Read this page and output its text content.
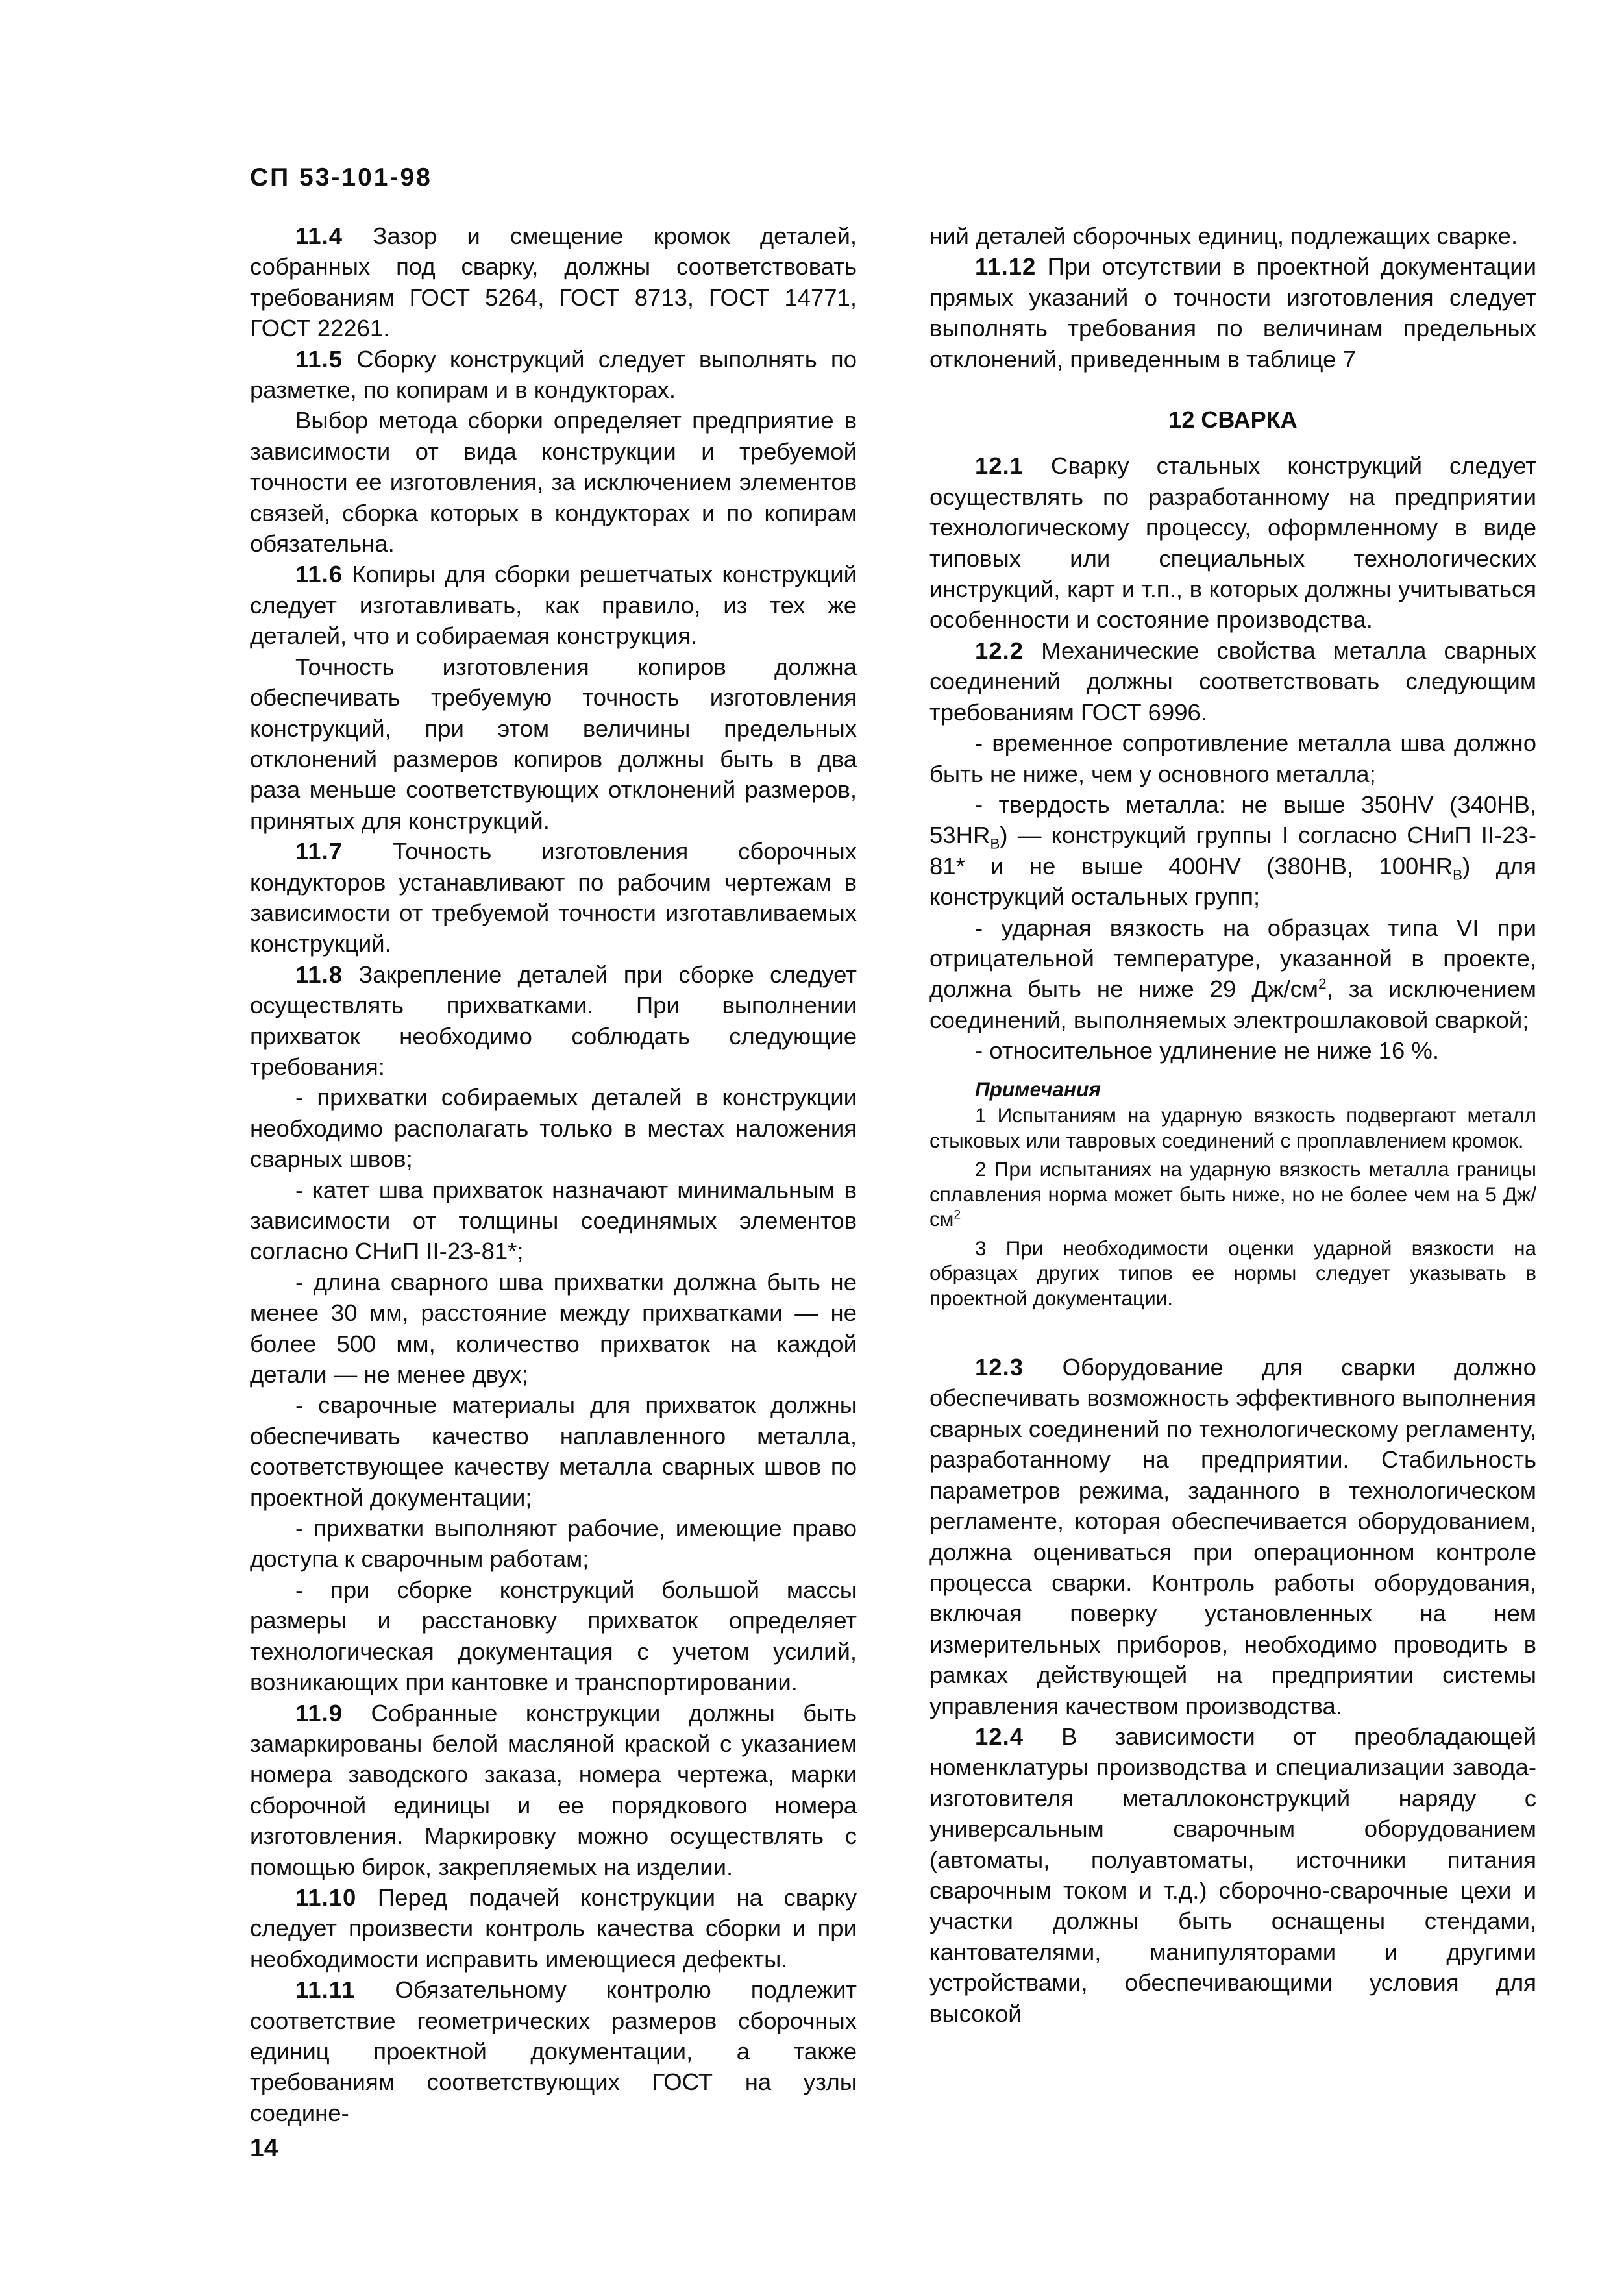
СП 53-101-98

11.4 Зазор и смещение кромок деталей, собранных под сварку, должны соответствовать требованиям ГОСТ 5264, ГОСТ 8713, ГОСТ 14771, ГОСТ 22261.

11.5 Сборку конструкций следует выполнять по разметке, по копирам и в кондукторах.

Выбор метода сборки определяет предприятие в зависимости от вида конструкции и требуемой точности ее изготовления, за исключением элементов связей, сборка которых в кондукторах и по копирам обязательна.

11.6 Копиры для сборки решетчатых конструкций следует изготавливать, как правило, из тех же деталей, что и собираемая конструкция.

Точность изготовления копиров должна обеспечивать требуемую точность изготовления конструкций, при этом величины предельных отклонений размеров копиров должны быть в два раза меньше соответствующих отклонений размеров, принятых для конструкций.

11.7 Точность изготовления сборочных кондукторов устанавливают по рабочим чертежам в зависимости от требуемой точности изготавливаемых конструкций.

11.8 Закрепление деталей при сборке следует осуществлять прихватками. При выполнении прихваток необходимо соблюдать следующие требования:

- прихватки собираемых деталей в конструкции необходимо располагать только в местах наложения сварных швов;

- катет шва прихваток назначают минимальным в зависимости от толщины соединямых элементов согласно СНиП II-23-81*;

- длина сварного шва прихватки должна быть не менее 30 мм, расстояние между прихватками — не более 500 мм, количество прихваток на каждой детали — не менее двух;

- сварочные материалы для прихваток должны обеспечивать качество наплавленного металла, соответствующее качеству металла сварных швов по проектной документации;

- прихватки выполняют рабочие, имеющие право доступа к сварочным работам;

- при сборке конструкций большой массы размеры и расстановку прихваток определяет технологическая документация с учетом усилий, возникающих при кантовке и транспортировании.

11.9 Собранные конструкции должны быть замаркированы белой масляной краской с указанием номера заводского заказа, номера чертежа, марки сборочной единицы и ее порядкового номера изготовления. Маркировку можно осуществлять с помощью бирок, закрепляемых на изделии.

11.10 Перед подачей конструкции на сварку следует произвести контроль качества сборки и при необходимости исправить имеющиеся дефекты.

11.11 Обязательному контролю подлежит соответствие геометрических размеров сборочных единиц проектной документации, а также требованиям соответствующих ГОСТ на узлы соедине-

ний деталей сборочных единиц, подлежащих сварке.

11.12 При отсутствии в проектной документации прямых указаний о точности изготовления следует выполнять требования по величинам предельных отклонений, приведенным в таблице 7

12 СВАРКА

12.1 Сварку стальных конструкций следует осуществлять по разработанному на предприятии технологическому процессу, оформленному в виде типовых или специальных технологических инструкций, карт и т.п., в которых должны учитываться особенности и состояние производства.

12.2 Механические свойства металла сварных соединений должны соответствовать следующим требованиям ГОСТ 6996.

- временное сопротивление металла шва должно быть не ниже, чем у основного металла;

- твердость металла: не выше 350HV (340HB, $53HR_B$) — конструкций группы I согласно СНиП II-23-81* и не выше 400HV (380HB, $100HR_B$) для конструкций остальных групп;

- ударная вязкость на образцах типа VI при отрицательной температуре, указанной в проекте, должна быть не ниже 29 $Дж/см^2$, за исключением соединений, выполняемых электрошлаковой сваркой;

- относительное удлинение не ниже 16 %.

Примечания

1 Испытаниям на ударную вязкость подвергают металл стыковых или тавровых соединений с проплавлением кромок.

2 При испытаниях на ударную вязкость металла границы сплавления норма может быть ниже, но не более чем на 5 $Дж/см^2$

3 При необходимости оценки ударной вязкости на образцах других типов ее нормы следует указывать в проектной документации.

12.3 Оборудование для сварки должно обеспечивать возможность эффективного выполнения сварных соединений по технологическому регламенту, разработанному на предприятии. Стабильность параметров режима, заданного в технологическом регламенте, которая обеспечивается оборудованием, должна оцениваться при операционном контроле процесса сварки. Контроль работы оборудования, включая поверку установленных на нем измерительных приборов, необходимо проводить в рамках действующей на предприятии системы управления качеством производства.

12.4 В зависимости от преобладающей номенклатуры производства и специализации завода-изготовителя металлоконструкций наряду с универсальным сварочным оборудованием (автоматы, полуавтоматы, источники питания сварочным током и т.д.) сборочно-сварочные цехи и участки должны быть оснащены стендами, кантователями, манипуляторами и другими устройствами, обеспечивающими условия для высокой

14
